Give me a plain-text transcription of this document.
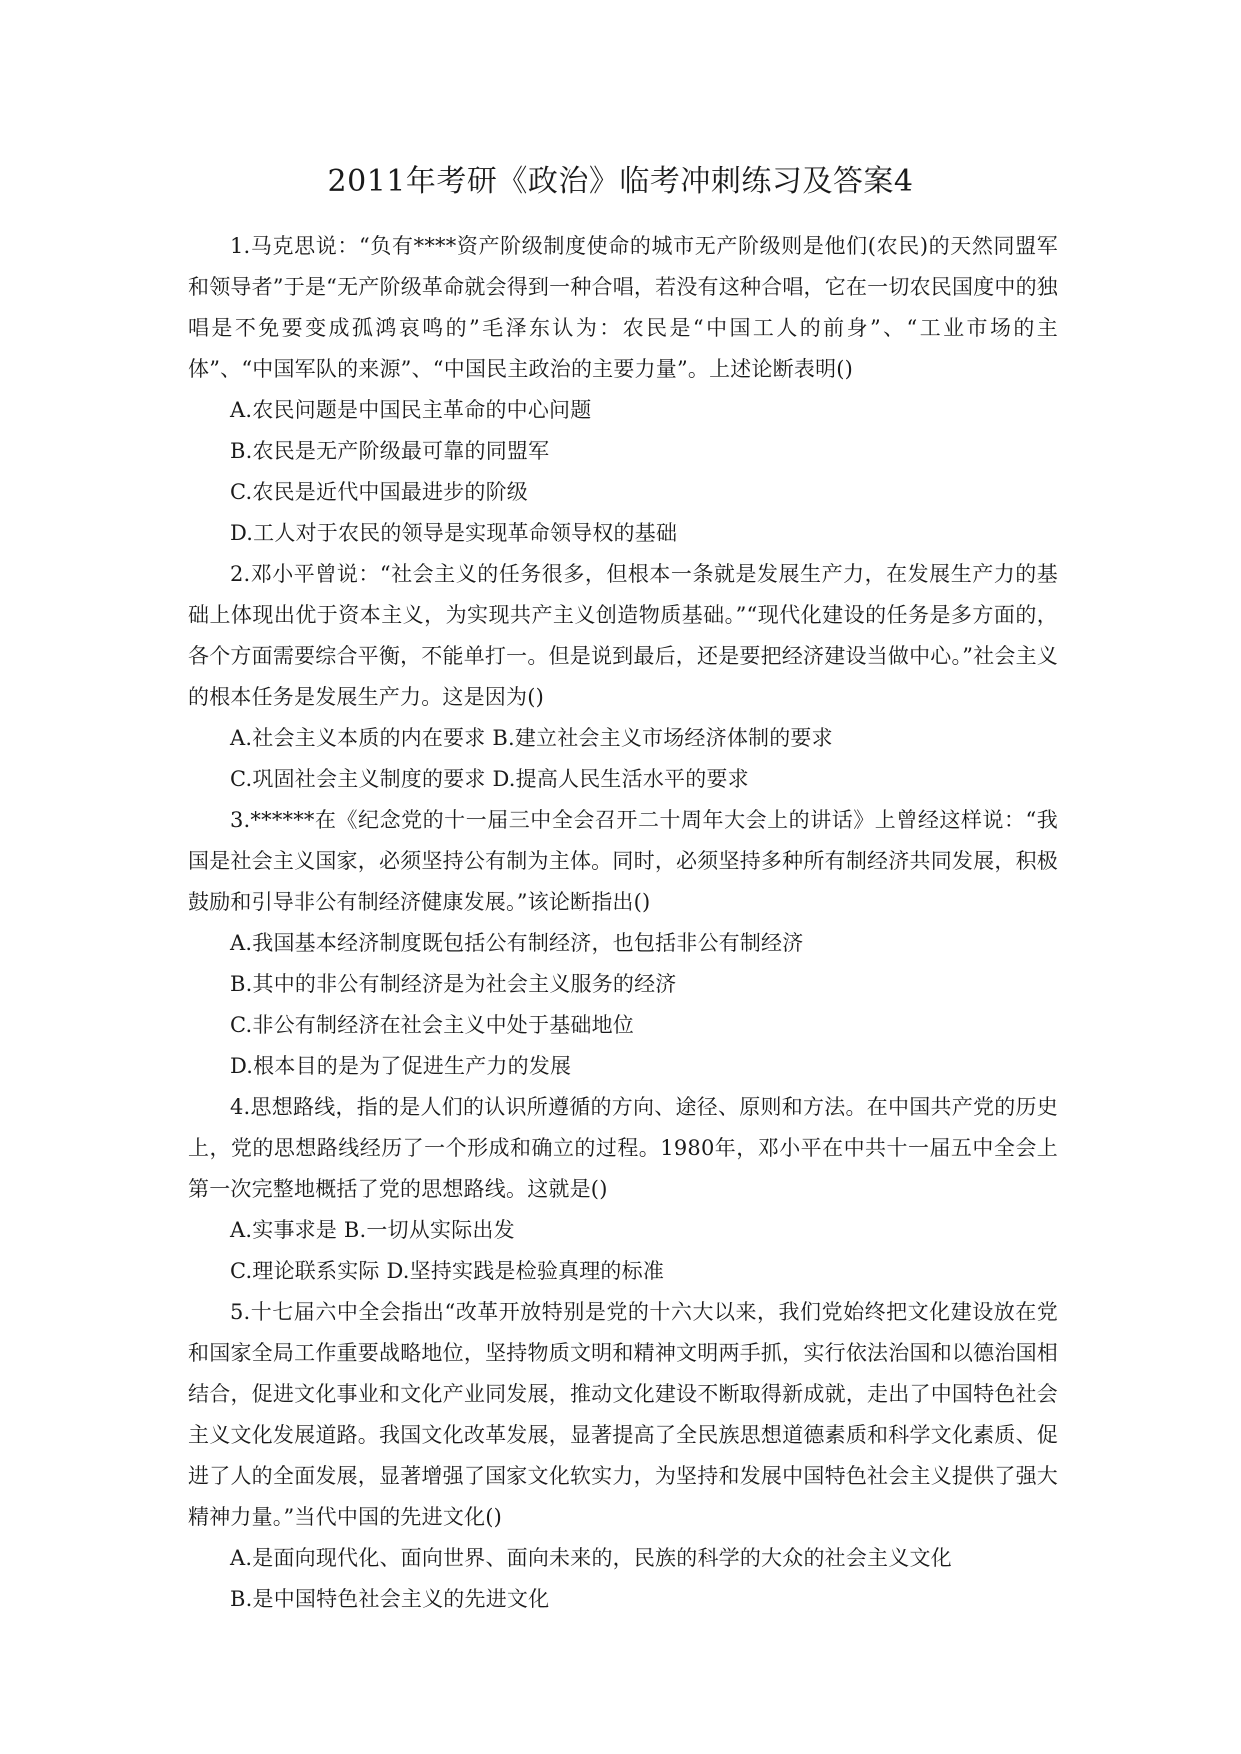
2011年考研《政治》临考冲刺练习及答案4

1.马克思说：“负有****资产阶级制度使命的城市无产阶级则是他们(农民)的天然同盟军和领导者”于是“无产阶级革命就会得到一种合唱，若没有这种合唱，它在一切农民国度中的独唱是不免要变成孤鸿哀鸣的”毛泽东认为：农民是“中国工人的前身”、“工业市场的主体”、“中国军队的来源”、“中国民主政治的主要力量”。上述论断表明()

A.农民问题是中国民主革命的中心问题

B.农民是无产阶级最可靠的同盟军

C.农民是近代中国最进步的阶级

D.工人对于农民的领导是实现革命领导权的基础

2.邓小平曾说：“社会主义的任务很多，但根本一条就是发展生产力，在发展生产力的基础上体现出优于资本主义，为实现共产主义创造物质基础。”“现代化建设的任务是多方面的，各个方面需要综合平衡，不能单打一。但是说到最后，还是要把经济建设当做中心。”社会主义的根本任务是发展生产力。这是因为()

A.社会主义本质的内在要求 B.建立社会主义市场经济体制的要求

C.巩固社会主义制度的要求 D.提高人民生活水平的要求

3.******在《纪念党的十一届三中全会召开二十周年大会上的讲话》上曾经这样说：“我国是社会主义国家，必须坚持公有制为主体。同时，必须坚持多种所有制经济共同发展，积极鼓励和引导非公有制经济健康发展。”该论断指出()

A.我国基本经济制度既包括公有制经济，也包括非公有制经济

B.其中的非公有制经济是为社会主义服务的经济

C.非公有制经济在社会主义中处于基础地位

D.根本目的是为了促进生产力的发展

4.思想路线，指的是人们的认识所遵循的方向、途径、原则和方法。在中国共产党的历史上，党的思想路线经历了一个形成和确立的过程。1980年，邓小平在中共十一届五中全会上第一次完整地概括了党的思想路线。这就是()

A.实事求是 B.一切从实际出发

C.理论联系实际 D.坚持实践是检验真理的标准

5.十七届六中全会指出“改革开放特别是党的十六大以来，我们党始终把文化建设放在党和国家全局工作重要战略地位，坚持物质文明和精神文明两手抓，实行依法治国和以德治国相结合，促进文化事业和文化产业同发展，推动文化建设不断取得新成就，走出了中国特色社会主义文化发展道路。我国文化改革发展，显著提高了全民族思想道德素质和科学文化素质、促进了人的全面发展，显著增强了国家文化软实力，为坚持和发展中国特色社会主义提供了强大精神力量。”当代中国的先进文化()

A.是面向现代化、面向世界、面向未来的，民族的科学的大众的社会主义文化

B.是中国特色社会主义的先进文化
